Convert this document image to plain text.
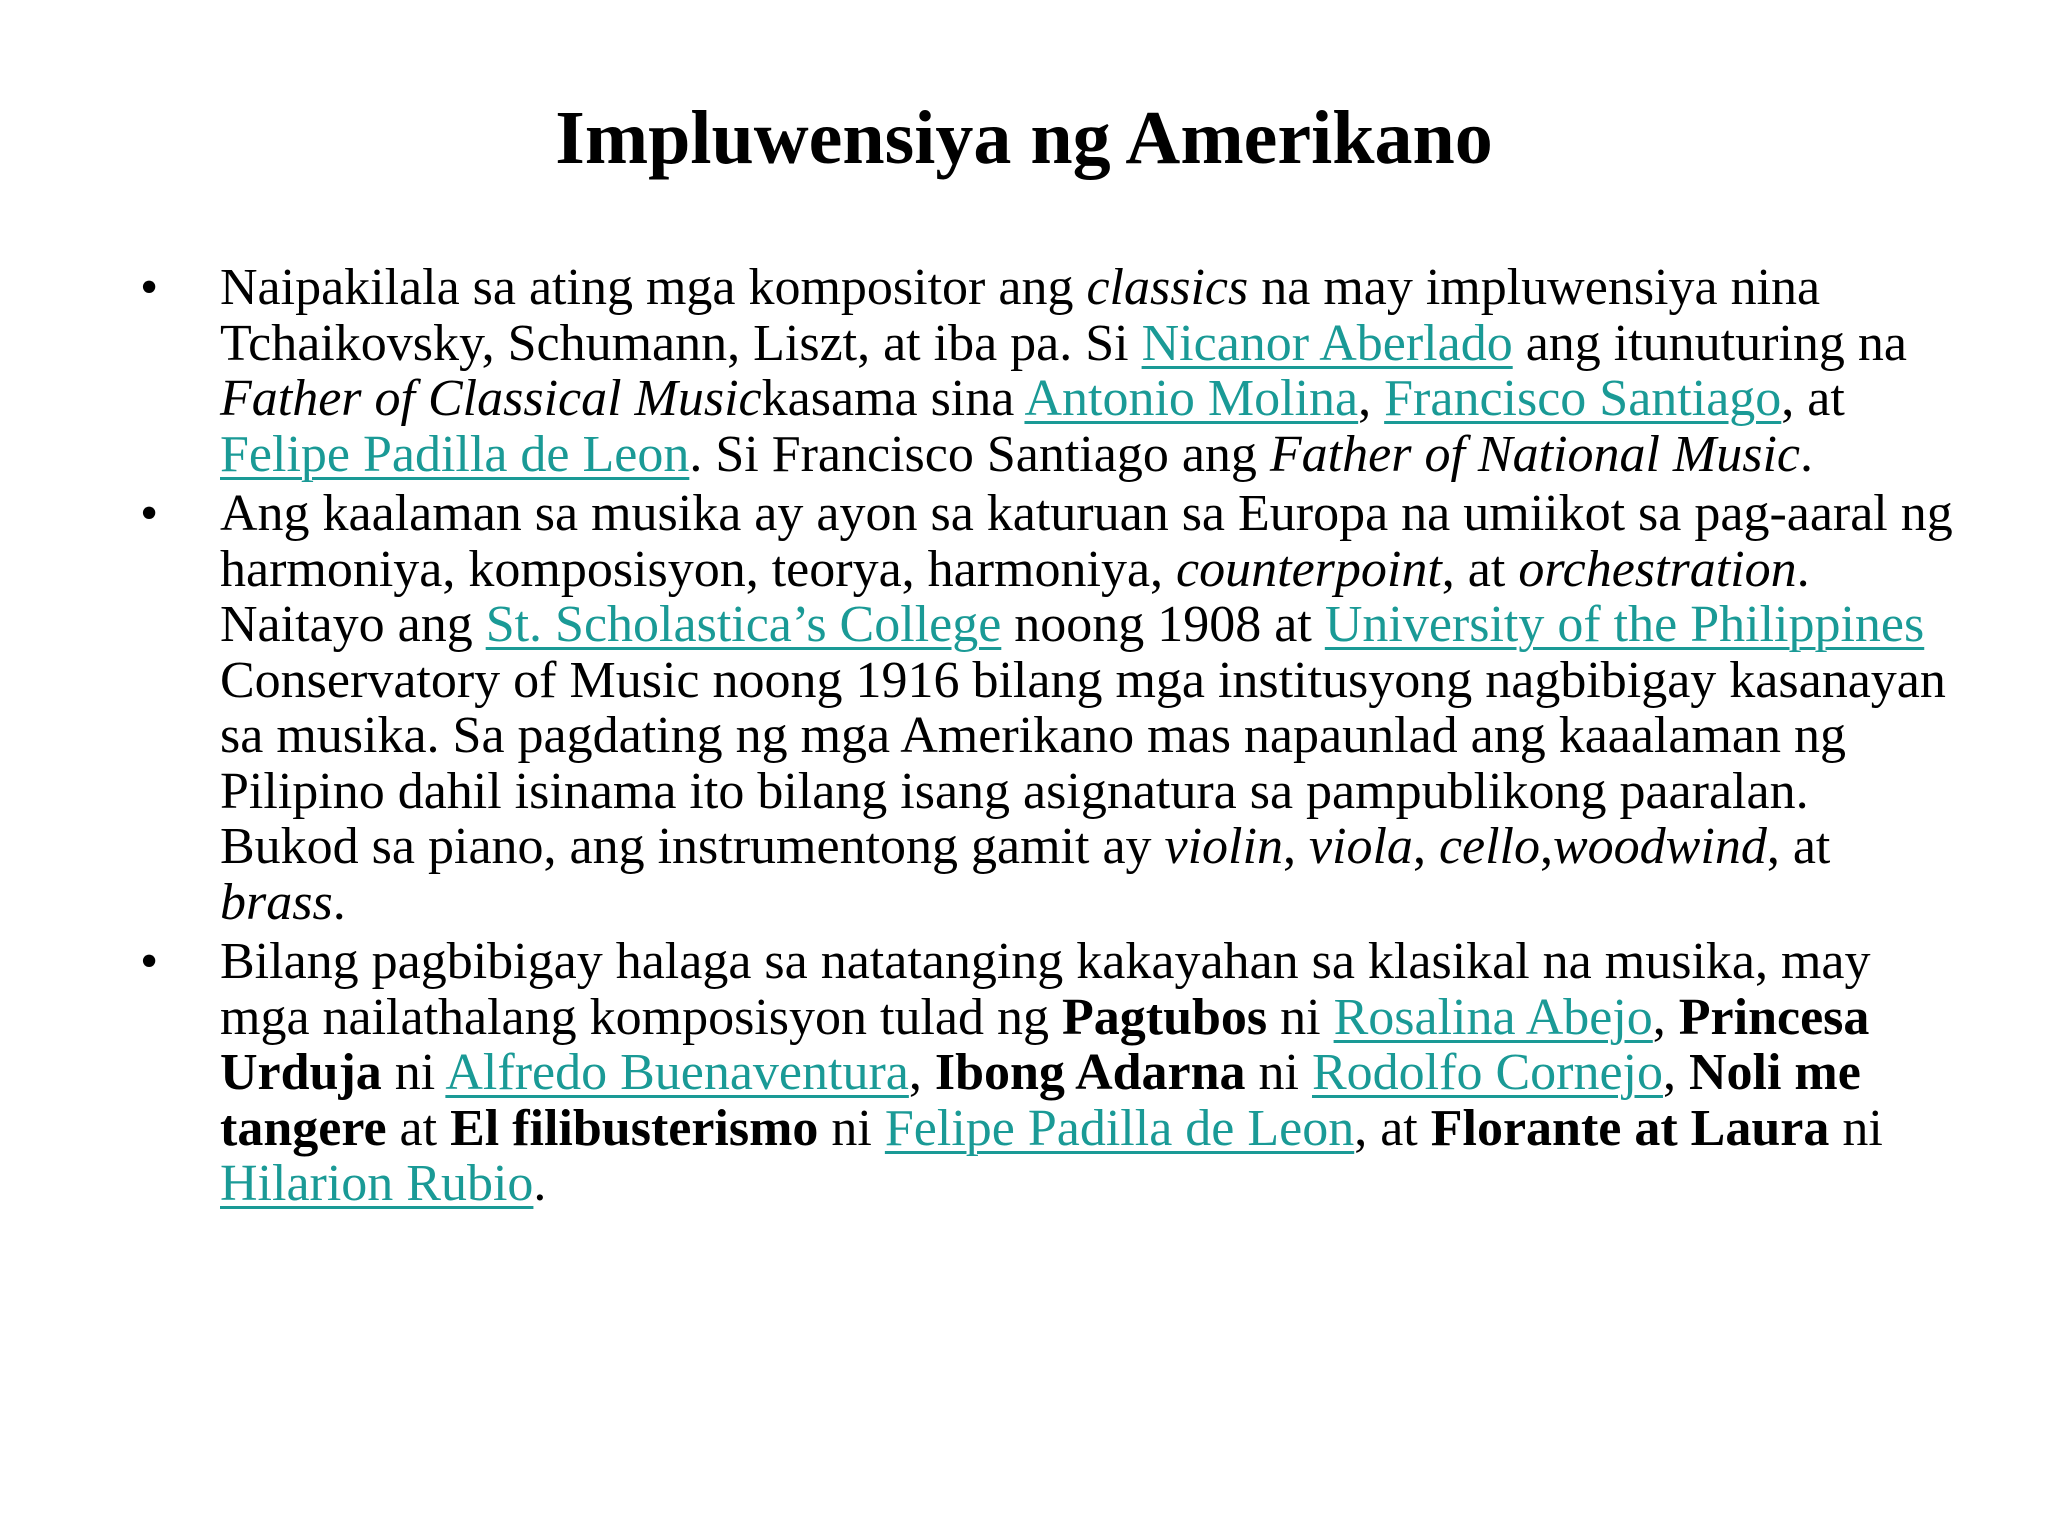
Impluwensiya ng Amerikano
•	Naipakilala sa ating mga kompositor ang classics na may impluwensiya nina Tchaikovsky, Schumann, Liszt, at iba pa. Si Nicanor Aberlado ang itunuturing na Father of Classical Musickasama sina Antonio Molina, Francisco Santiago, at Felipe Padilla de Leon. Si Francisco Santiago ang Father of National Music.
•	Ang kaalaman sa musika ay ayon sa katuruan sa Europa na umiikot sa pag-aaral ng harmoniya, komposisyon, teorya, harmoniya, counterpoint, at orchestration. Naitayo ang St. Scholastica’s College noong 1908 at University of the Philippines Conservatory of Music noong 1916 bilang mga institusyong nagbibigay kasanayan sa musika. Sa pagdating ng mga Amerikano mas napaunlad ang kaaalaman ng Pilipino dahil isinama ito bilang isang asignatura sa pampublikong paaralan. Bukod sa piano, ang instrumentong gamit ay violin, viola, cello,woodwind, at brass.
•	Bilang pagbibigay halaga sa natatanging kakayahan sa klasikal na musika, may mga nailathalang komposisyon tulad ng Pagtubos ni Rosalina Abejo, Princesa Urduja ni Alfredo Buenaventura, Ibong Adarna ni Rodolfo Cornejo, Noli me tangere at El filibusterismo ni Felipe Padilla de Leon, at Florante at Laura ni Hilarion Rubio.
